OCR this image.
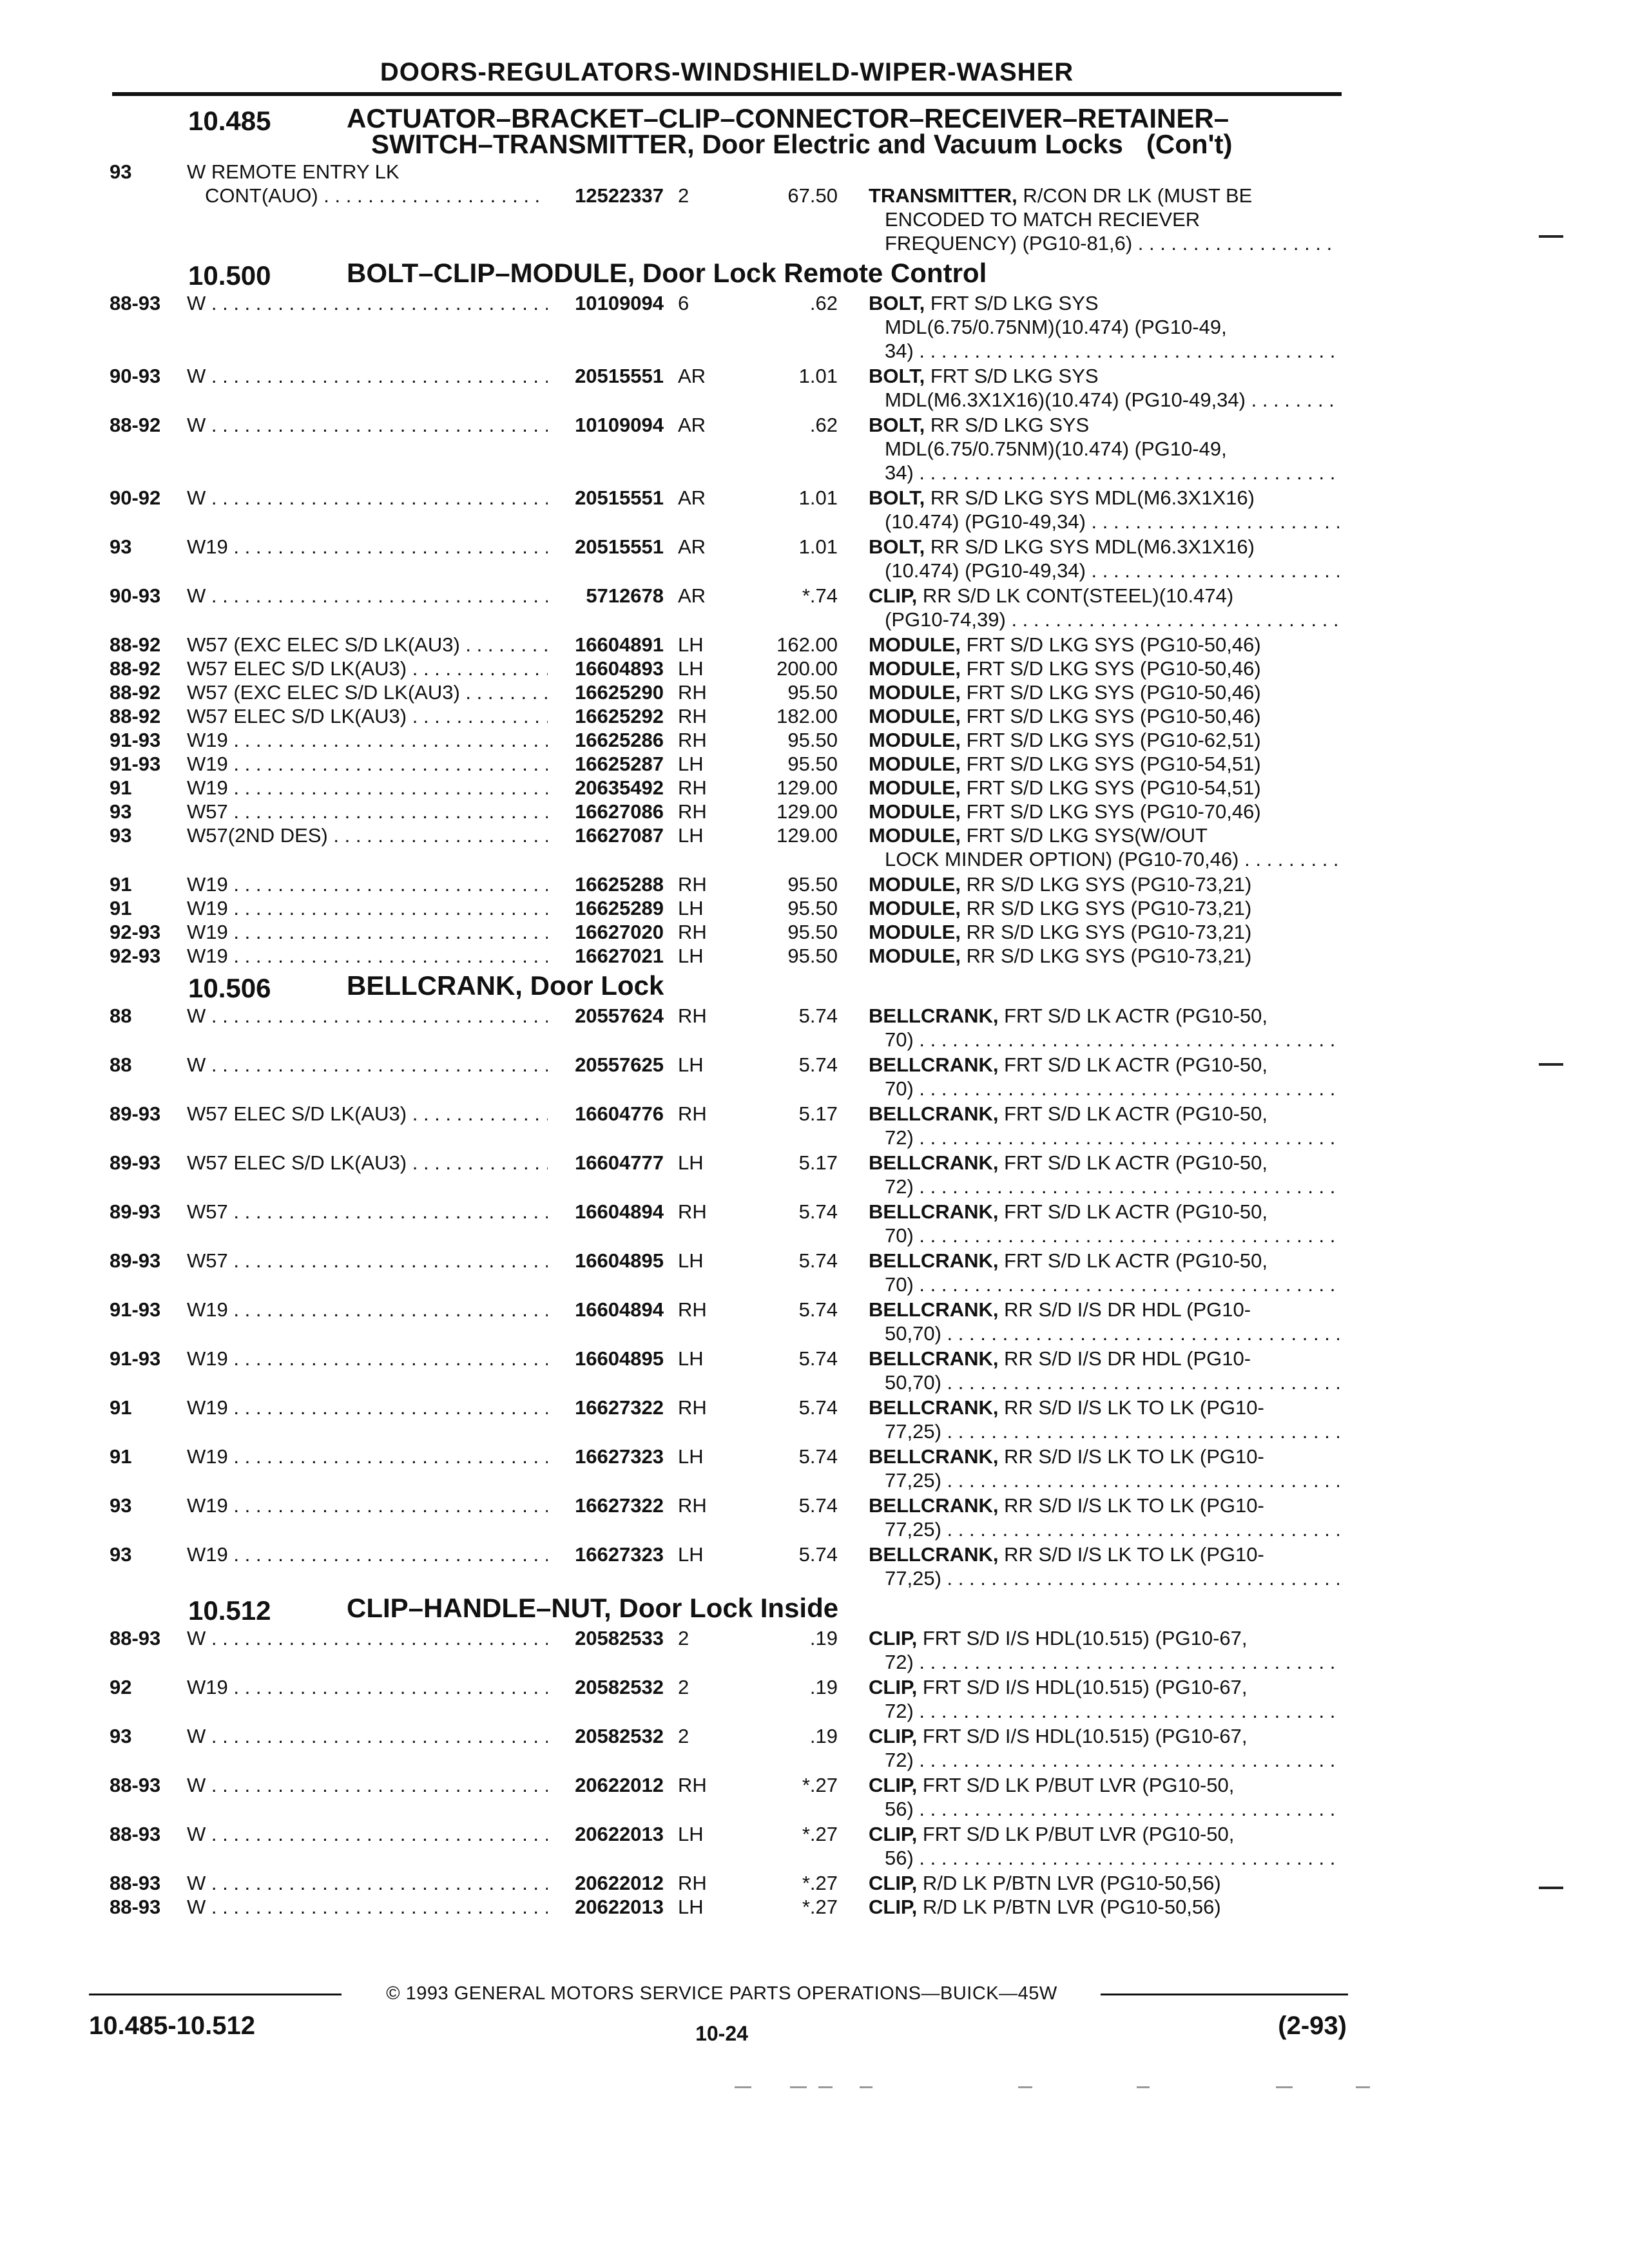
DOORS-REGULATORS-WINDSHIELD-WIPER-WASHER
10.485	ACTUATOR–BRACKET–CLIP–CONNECTOR–RECEIVER–RETAINER–
SWITCH–TRANSMITTER, Door Electric and Vacuum Locks (Con't)
93	W REMOTE ENTRY LK
CONT(AUO) . . .	12522337 2	67.50 TRANSMITTER, R/CON DR LK (MUST BE
ENCODED TO MATCH RECIEVER
FREQUENCY) (PG10-81,6) . . .
10.500	BOLT–CLIP–MODULE, Door Lock Remote Control
88-93 W . . .	10109094 6	.62 BOLT, FRT S/D LKG SYS
MDL(6.75/0.75NM)(10.474) (PG10-49,
34) . . .
90-93 W . . .	20515551 AR	1.01 BOLT, FRT S/D LKG SYS
MDL(M6.3X1X16)(10.474) (PG10-49,34) . . .
88-92 W . . .	10109094 AR	.62 BOLT, RR S/D LKG SYS
MDL(6.75/0.75NM)(10.474) (PG10-49,
34) . . .
90-92 W . . .	20515551 AR	1.01 BOLT, RR S/D LKG SYS MDL(M6.3X1X16)
(10.474) (PG10-49,34) . . .
93	W19 . . .	20515551 AR	1.01 BOLT, RR S/D LKG SYS MDL(M6.3X1X16)
(10.474) (PG10-49,34) . . .
90-93 W . . .	5712678 AR	*.74 CLIP, RR S/D LK CONT(STEEL)(10.474)
(PG10-74,39) . . .
88-92 W57 (EXC ELEC S/D LK(AU3) . . .	16604891 LH	162.00 MODULE, FRT S/D LKG SYS (PG10-50,46)
88-92 W57 ELEC S/D LK(AU3) . . .	16604893 LH	200.00 MODULE, FRT S/D LKG SYS (PG10-50,46)
88-92 W57 (EXC ELEC S/D LK(AU3) . . .	16625290 RH	95.50 MODULE, FRT S/D LKG SYS (PG10-50,46)
88-92 W57 ELEC S/D LK(AU3) . . .	16625292 RH	182.00 MODULE, FRT S/D LKG SYS (PG10-50,46)
91-93 W19 . . .	16625286 RH	95.50 MODULE, FRT S/D LKG SYS (PG10-62,51)
91-93 W19 . . .	16625287 LH	95.50 MODULE, FRT S/D LKG SYS (PG10-54,51)
91	W19 . . .	20635492 RH	129.00 MODULE, FRT S/D LKG SYS (PG10-54,51)
93	W57 . . .	16627086 RH	129.00 MODULE, FRT S/D LKG SYS (PG10-70,46)
93	W57(2ND DES) . . .	16627087 LH	129.00 MODULE, FRT S/D LKG SYS(W/OUT
LOCK MINDER OPTION) (PG10-70,46) . . .
91	W19 . . .	16625288 RH	95.50 MODULE, RR S/D LKG SYS (PG10-73,21)
91	W19 . . .	16625289 LH	95.50 MODULE, RR S/D LKG SYS (PG10-73,21)
92-93 W19 . . .	16627020 RH	95.50 MODULE, RR S/D LKG SYS (PG10-73,21)
92-93 W19 . . .	16627021 LH	95.50 MODULE, RR S/D LKG SYS (PG10-73,21)
10.506	BELLCRANK, Door Lock
88	W . . .	20557624 RH	5.74 BELLCRANK, FRT S/D LK ACTR (PG10-50,
70) . . .
88	W . . .	20557625 LH	5.74 BELLCRANK, FRT S/D LK ACTR (PG10-50,
70) . . .
89-93 W57 ELEC S/D LK(AU3) . . .	16604776 RH	5.17 BELLCRANK, FRT S/D LK ACTR (PG10-50,
72) . . .
89-93 W57 ELEC S/D LK(AU3) . . .	16604777 LH	5.17 BELLCRANK, FRT S/D LK ACTR (PG10-50,
72) . . .
89-93 W57 . . .	16604894 RH	5.74 BELLCRANK, FRT S/D LK ACTR (PG10-50,
70) . . .
89-93 W57 . . .	16604895 LH	5.74 BELLCRANK, FRT S/D LK ACTR (PG10-50,
70) . . .
91-93 W19 . . .	16604894 RH	5.74 BELLCRANK, RR S/D I/S DR HDL (PG10-
50,70) . . .
91-93 W19 . . .	16604895 LH	5.74 BELLCRANK, RR S/D I/S DR HDL (PG10-
50,70) . . .
91	W19 . . .	16627322 RH	5.74 BELLCRANK, RR S/D I/S LK TO LK (PG10-
77,25) . . .
91	W19 . . .	16627323 LH	5.74 BELLCRANK, RR S/D I/S LK TO LK (PG10-
77,25) . . .
93	W19 . . .	16627322 RH	5.74 BELLCRANK, RR S/D I/S LK TO LK (PG10-
77,25) . . .
93	W19 . . .	16627323 LH	5.74 BELLCRANK, RR S/D I/S LK TO LK (PG10-
77,25) . . .
10.512	CLIP–HANDLE–NUT, Door Lock Inside
88-93 W . . .	20582533 2	.19 CLIP, FRT S/D I/S HDL(10.515) (PG10-67,
72) . . .
92	W19 . . .	20582532 2	.19 CLIP, FRT S/D I/S HDL(10.515) (PG10-67,
72) . . .
93	W . . .	20582532 2	.19 CLIP, FRT S/D I/S HDL(10.515) (PG10-67,
72) . . .
88-93 W . . .	20622012 RH	*.27 CLIP, FRT S/D LK P/BUT LVR (PG10-50,
56) . . .
88-93 W . . .	20622013 LH	*.27 CLIP, FRT S/D LK P/BUT LVR (PG10-50,
56) . . .
88-93 W . . .	20622012 RH	*.27 CLIP, R/D LK P/BTN LVR (PG10-50,56)
88-93 W . . .	20622013 LH	*.27 CLIP, R/D LK P/BTN LVR (PG10-50,56)
© 1993 GENERAL MOTORS SERVICE PARTS OPERATIONS—BUICK—45W
10.485-10.512	10-24	(2-93)
